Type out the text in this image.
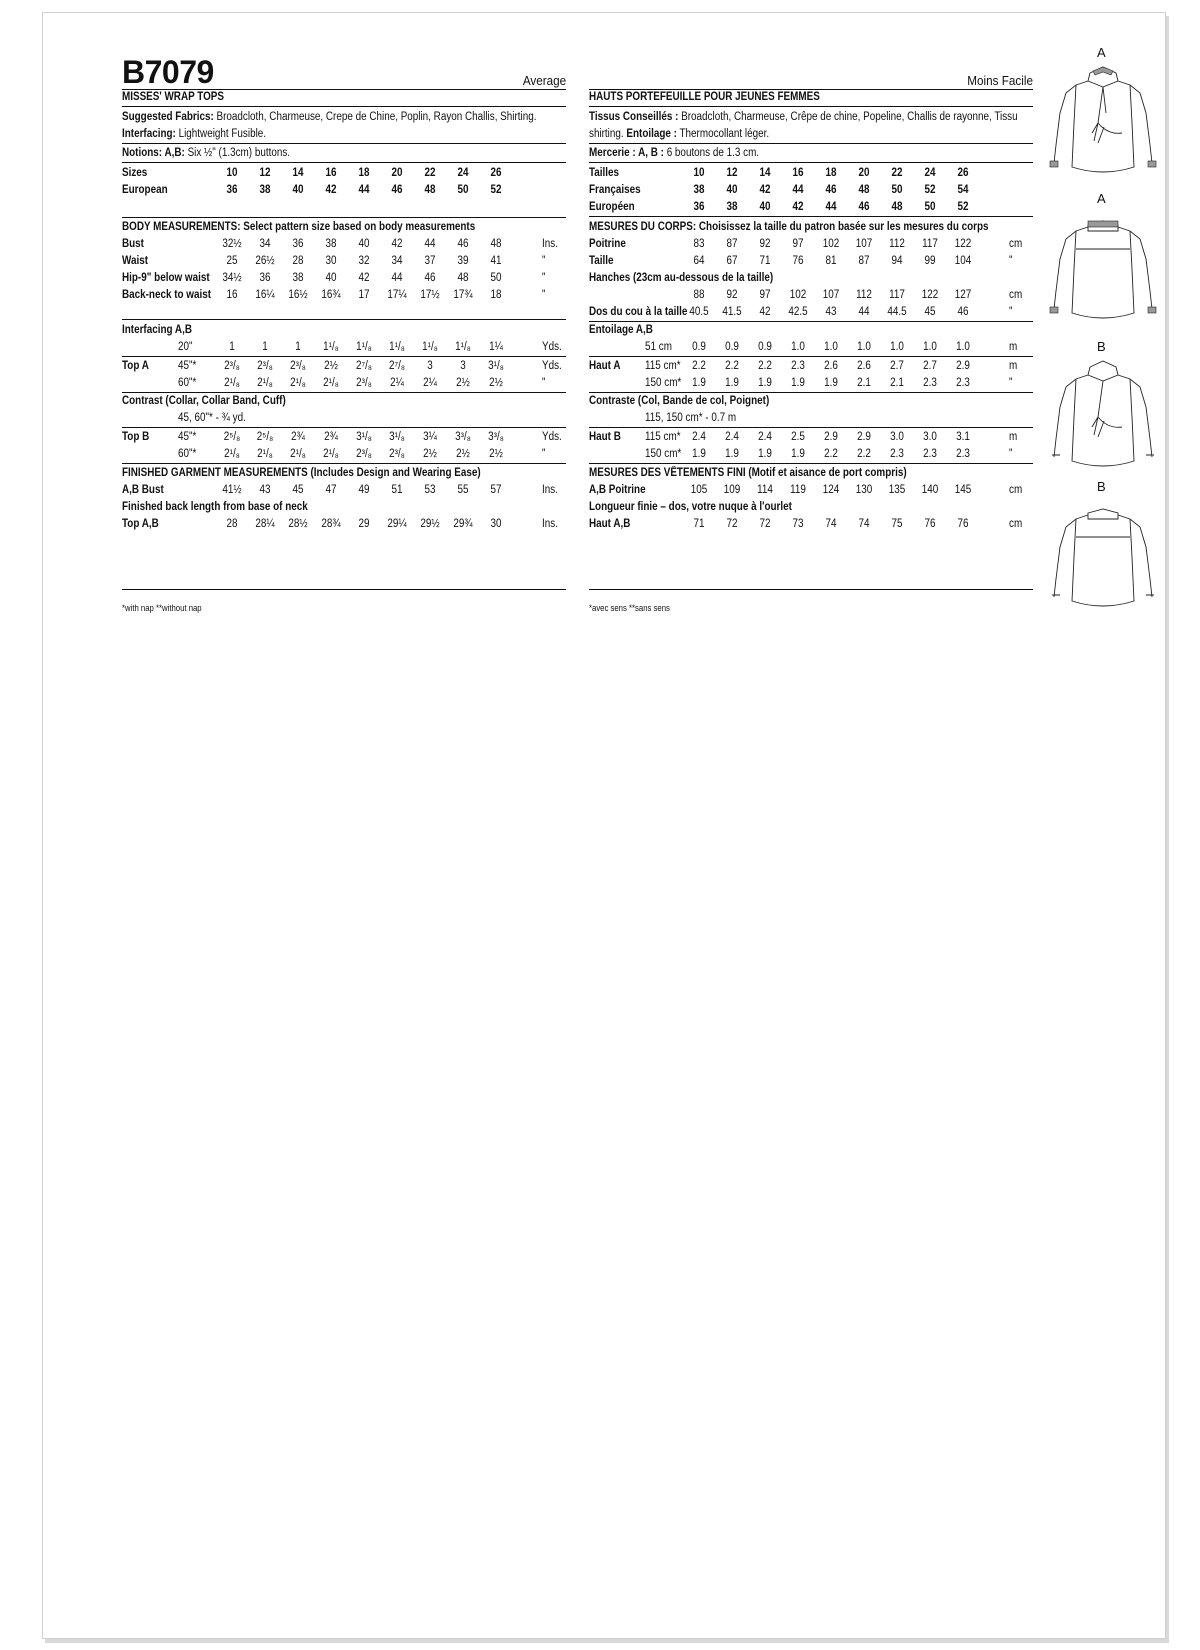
B7079	Average
MISSES' WRAP TOPS
Suggested Fabrics: Broadcloth, Charmeuse, Crepe de Chine, Poplin, Rayon Challis, Shirting.
Interfacing: Lightweight Fusible.
Notions: A,B: Six ½" (1.3cm) buttons.
Sizes	10	12	14	16	18	20	22	24	26
European	36	38	40	42	44	46	48	50	52
BODY MEASUREMENTS: Select pattern size based on body measurements
Bust	32½	34	36	38	40	42	44	46	48	Ins.
Waist	25	26½	28	30	32	34	37	39	41	"
Hip-9" below waist	34½	36	38	40	42	44	46	48	50	"
Back-neck to waist	16	16¼	16½	16¾	17	17¼	17½	17¾	18	"
Interfacing A,B
20"	1	1	1	1¹/₈	1¹/₈	1¹/₈	1¹/₈	1¹/₈	1¼	Yds.
Top A	45"*	2³/₈	2³/₈	2³/₈	2½	2⁷/₈	2⁷/₈	3	3	3¹/₈	Yds.
60"*	2¹/₈	2¹/₈	2¹/₈	2¹/₈	2³/₈	2¼	2¼	2½	2½	"
Contrast (Collar, Collar Band, Cuff)
45, 60"* - ¾ yd.
Top B 45"*	2⁵/₈	2⁵/₈	2¾	2¾	3¹/₈	3¹/₈	3¼	3³/₈	3³/₈	Yds.
60"*	2¹/₈	2¹/₈	2¹/₈	2¹/₈	2³/₈	2³/₈	2½	2½	2½	"
FINISHED GARMENT MEASUREMENTS (Includes Design and Wearing Ease)
A,B Bust	41½	43	45	47	49	51	53	55	57	Ins.
Finished back length from base of neck
Top A,B	28	28¼	28½	28¾	29	29¼	29½	29¾	30	Ins.
*with nap **without nap
Moins Facile
HAUTS PORTEFEUILLE POUR JEUNES FEMMES
Tissus Conseillés : Broadcloth, Charmeuse, Crêpe de chine, Popeline, Challis de rayonne, Tissu
shirting. Entoilage : Thermocollant léger.
Mercerie : A, B : 6 boutons de 1.3 cm.
Tailles	10	12	14	16	18	20	22	24	26
Françaises	38	40	42	44	46	48	50	52	54
Européen	36	38	40	42	44	46	48	50	52
MESURES DU CORPS: Choisissez la taille du patron basée sur les mesures du corps
Poitrine	83	87	92	97	102	107	112	117	122	cm
Taille	64	67	71	76	81	87	94	99	104	"
Hanches (23cm au-dessous de la taille)
88	92	97	102	107	112	117	122	127	cm
Dos du cou à la taille 40.5	41.5	42	42.5	43	44	44.5	45	46	"
Entoilage A,B
51 cm	0.9	0.9	0.9	1.0	1.0	1.0	1.0	1.0	1.0	m
Haut A 115 cm*	2.2	2.2	2.2	2.3	2.6	2.6	2.7	2.7	2.9	m
150 cm* 1.9	1.9	1.9	1.9	1.9	2.1	2.1	2.3	2.3	"
Contraste (Col, Bande de col, Poignet)
115, 150 cm* - 0.7 m
Haut B 115 cm*	2.4	2.4	2.4	2.5	2.9	2.9	3.0	3.0	3.1	m
150 cm* 1.9	1.9	1.9	1.9	2.2	2.2	2.3	2.3	2.3	"
MESURES DES VÊTEMENTS FINI (Motif et aisance de port compris)
A,B Poitrine	105	109	114	119	124	130	135	140	145	cm
Longueur finie – dos, votre nuque à l'ourlet
Haut A,B	71	72	72	73	74	74	75	76	76	cm
*avec sens **sans sens
A
A
B
B
